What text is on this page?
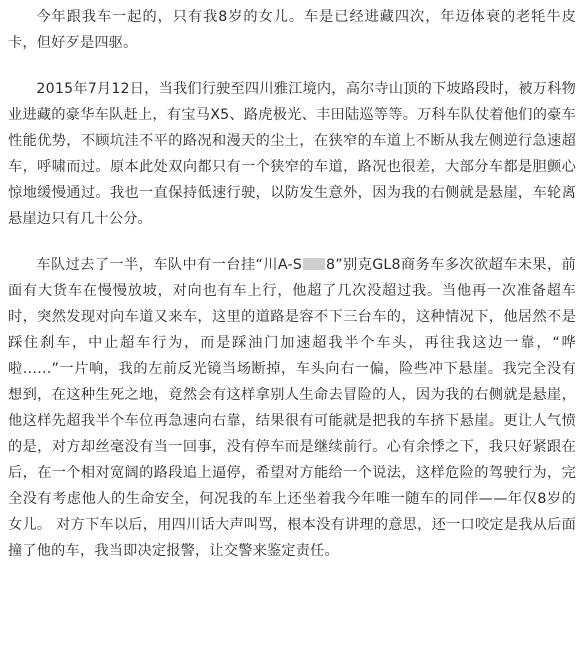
今年跟我车一起的，只有我8岁的女儿。车是已经进藏四次，年迈体衰的老牦牛皮卡，但好歹是四驱。

2015年7月12日，当我们行驶至四川雅江境内，高尔寺山顶的下坡路段时，被万科物业进藏的豪华车队赶上，有宝马X5、路虎极光、丰田陆巡等等。万科车队仗着他们的豪车性能优势，不顾坑洼不平的路况和漫天的尘土，在狭窄的车道上不断从我左侧逆行急速超车，呼啸而过。原本此处双向都只有一个狭窄的车道，路况也很差，大部分车都是胆颤心惊地缓慢通过。我也一直保持低速行驶，以防发生意外，因为我的右侧就是悬崖，车轮离悬崖边只有几十公分。

车队过去了一半，车队中有一台挂“川A-S 8”别克GL8商务车多次欲超车未果，前面有大货车在慢慢放坡，对向也有车上行，他超了几次没超过我。当他再一次准备超车时，突然发现对向车道又来车，这里的道路是容不下三台车的，这种情况下，他居然不是踩住刹车，中止超车行为，而是踩油门加速超我半个车头，再往我这边一靠，“哗啦……”一片响，我的左前反光镜当场断掉，车头向右一偏，险些冲下悬崖。我完全没有想到，在这种生死之地，竟然会有这样拿别人生命去冒险的人，因为我的右侧就是悬崖，他这样先超我半个车位再急速向右靠，结果很有可能就是把我的车挤下悬崖。更让人气愤的是，对方却丝毫没有当一回事，没有停车而是继续前行。心有余悸之下，我只好紧跟在后，在一个相对宽阔的路段追上逼停，希望对方能给一个说法，这样危险的驾驶行为，完全没有考虑他人的生命安全，何况我的车上还坐着我今年唯一随车的同伴——年仅8岁的女儿。 对方下车以后，用四川话大声叫骂，根本没有讲理的意思，还一口咬定是我从后面撞了他的车，我当即决定报警，让交警来鉴定责任。
